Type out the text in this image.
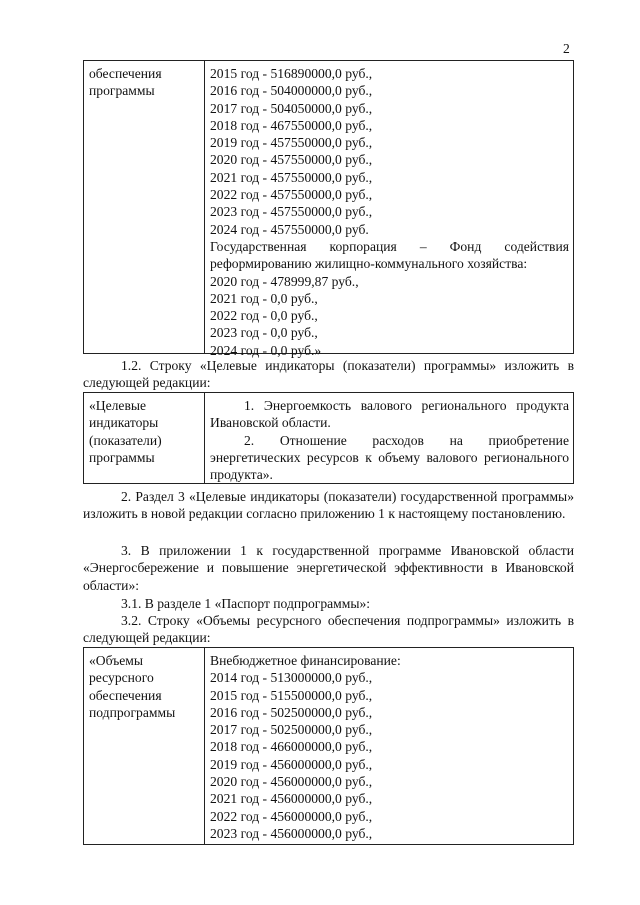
2
обеспечения
программы
2015 год - 516890000,0 руб.,
2016 год - 504000000,0 руб.,
2017 год - 504050000,0 руб.,
2018 год - 467550000,0 руб.,
2019 год - 457550000,0 руб.,
2020 год - 457550000,0 руб.,
2021 год - 457550000,0 руб.,
2022 год - 457550000,0 руб.,
2023 год - 457550000,0 руб.,
2024 год - 457550000,0 руб.
Государственная корпорация – Фонд содействия
реформированию жилищно-коммунального хозяйства:
2020 год - 478999,87 руб.,
2021 год - 0,0 руб.,
2022 год - 0,0 руб.,
2023 год - 0,0 руб.,
2024 год - 0,0 руб.»
1.2. Строку «Целевые индикаторы (показатели) программы» изложить в следующей редакции:
«Целевые
индикаторы
(показатели)
программы
1. Энергоемкость валового регионального продукта Ивановской области.
2. Отношение расходов на приобретение энергетических ресурсов к объему валового регионального продукта».
2. Раздел 3 «Целевые индикаторы (показатели) государственной программы» изложить в новой редакции согласно приложению 1 к настоящему постановлению.
3. В приложении 1 к государственной программе Ивановской области «Энергосбережение и повышение энергетической эффективности в Ивановской области»:
3.1. В разделе 1 «Паспорт подпрограммы»:
3.2. Строку «Объемы ресурсного обеспечения подпрограммы» изложить в следующей редакции:
«Объемы
ресурсного
обеспечения
подпрограммы
Внебюджетное финансирование:
2014 год - 513000000,0 руб.,
2015 год - 515500000,0 руб.,
2016 год - 502500000,0 руб.,
2017 год - 502500000,0 руб.,
2018 год - 466000000,0 руб.,
2019 год - 456000000,0 руб.,
2020 год - 456000000,0 руб.,
2021 год - 456000000,0 руб.,
2022 год - 456000000,0 руб.,
2023 год - 456000000,0 руб.,
